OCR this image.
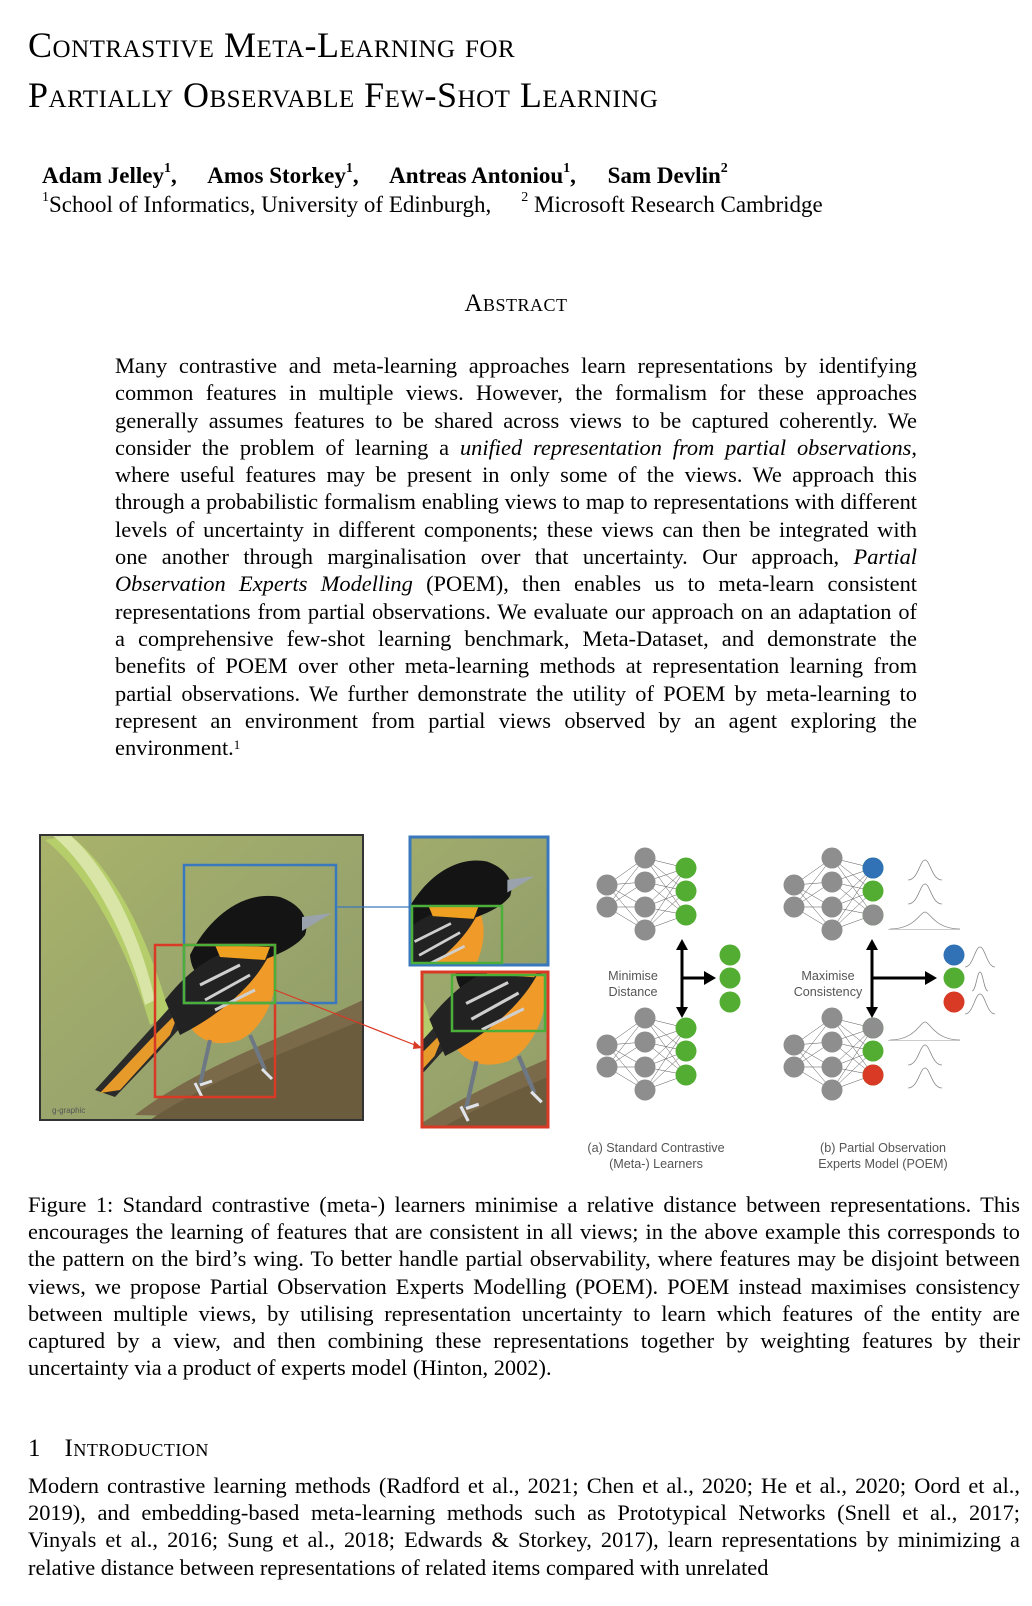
Contrastive Meta-Learning for
Partially Observable Few-Shot Learning
Adam Jelley$^1$, Amos Storkey$^1$, Antreas Antoniou$^1$, Sam Devlin$^2$
$^1$School of Informatics, University of Edinburgh, $^2$ Microsoft Research Cambridge
Abstract
Many contrastive and meta-learning approaches learn representations by identifying common features in multiple views. However, the formalism for these approaches generally assumes features to be shared across views to be captured coherently. We consider the problem of learning a unified representation from partial observations, where useful features may be present in only some of the views. We approach this through a probabilistic formalism enabling views to map to representations with different levels of uncertainty in different components; these views can then be integrated with one another through marginalisation over that uncertainty. Our approach, Partial Observation Experts Modelling (POEM), then enables us to meta-learn consistent representations from partial observations. We evaluate our approach on an adaptation of a comprehensive few-shot learning benchmark, Meta-Dataset, and demonstrate the benefits of POEM over other meta-learning methods at representation learning from partial observations. We further demonstrate the utility of POEM by meta-learning to represent an environment from partial views observed by an agent exploring the environment.$^1$
g-graphic
Minimise
Distance
Maximise
Consistency
(a) Standard Contrastive
(Meta-) Learners
(b) Partial Observation
Experts Model (POEM)
Figure 1: Standard contrastive (meta-) learners minimise a relative distance between representations. This encourages the learning of features that are consistent in all views; in the above example this corresponds to the pattern on the bird’s wing. To better handle partial observability, where features may be disjoint between views, we propose Partial Observation Experts Modelling (POEM). POEM instead maximises consistency between multiple views, by utilising representation uncertainty to learn which features of the entity are captured by a view, and then combining these representations together by weighting features by their uncertainty via a product of experts model (Hinton, 2002).
1 Introduction
Modern contrastive learning methods (Radford et al., 2021; Chen et al., 2020; He et al., 2020; Oord et al., 2019), and embedding-based meta-learning methods such as Prototypical Networks (Snell et al., 2017; Vinyals et al., 2016; Sung et al., 2018; Edwards & Storkey, 2017), learn representations by minimizing a relative distance between representations of related items compared with unrelated
